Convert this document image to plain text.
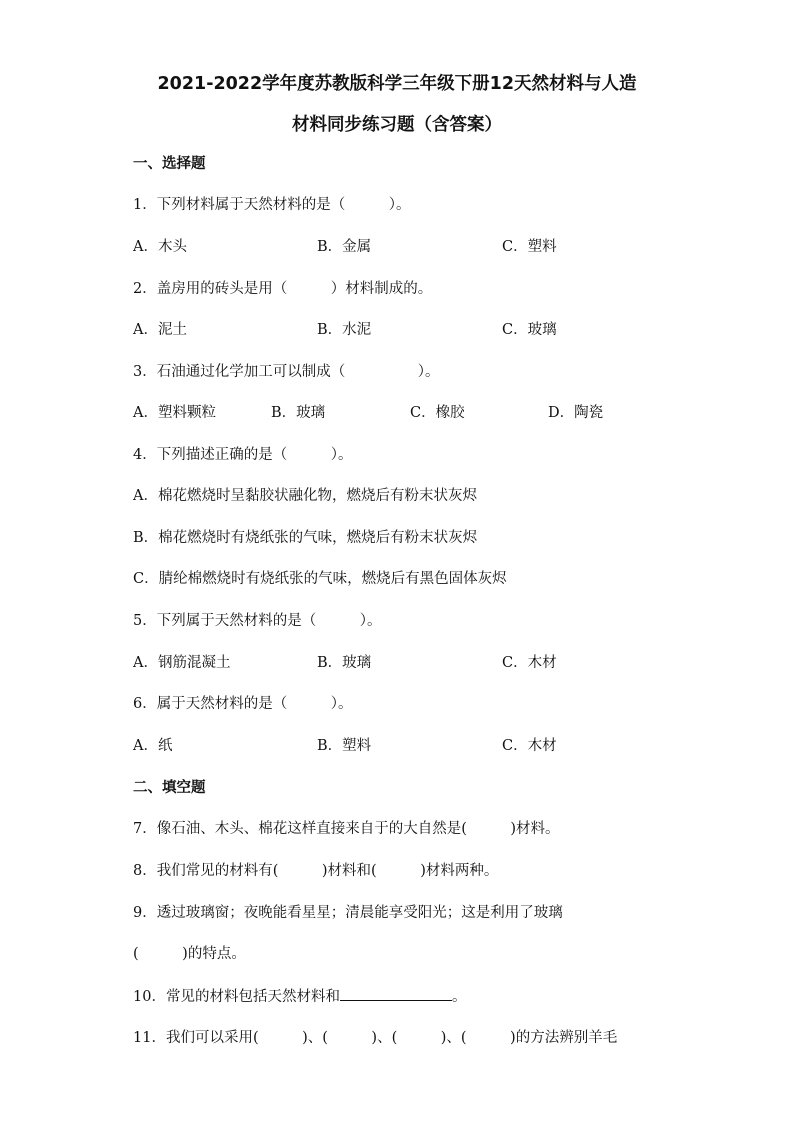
2021-2022学年度苏教版科学三年级下册12天然材料与人造
材料同步练习题（含答案）
一、选择题
1．下列材料属于天然材料的是（　　　）。
A．木头	B．金属	C．塑料
2．盖房用的砖头是用（　　　）材料制成的。
A．泥土	B．水泥	C．玻璃
3．石油通过化学加工可以制成（　　　　　）。
A．塑料颗粒	B．玻璃	C．橡胶	D．陶瓷
4．下列描述正确的是（　　　）。
A．棉花燃烧时呈黏胶状融化物，燃烧后有粉末状灰烬
B．棉花燃烧时有烧纸张的气味，燃烧后有粉末状灰烬
C．腈纶棉燃烧时有烧纸张的气味，燃烧后有黑色固体灰烬
5．下列属于天然材料的是（　　　）。
A．钢筋混凝土	B．玻璃	C．木材
6．属于天然材料的是（　　　）。
A．纸	B．塑料	C．木材
二、填空题
7．像石油、木头、棉花这样直接来自于的大自然是(　　　)材料。
8．我们常见的材料有(　　　)材料和(　　　)材料两种。
9．透过玻璃窗；夜晚能看星星；清晨能享受阳光；这是利用了玻璃
(　　　)的特点。
10．常见的材料包括天然材料和	。
11．我们可以采用(　　　)、(　　　)、(　　　)、(　　　)的方法辨别羊毛
